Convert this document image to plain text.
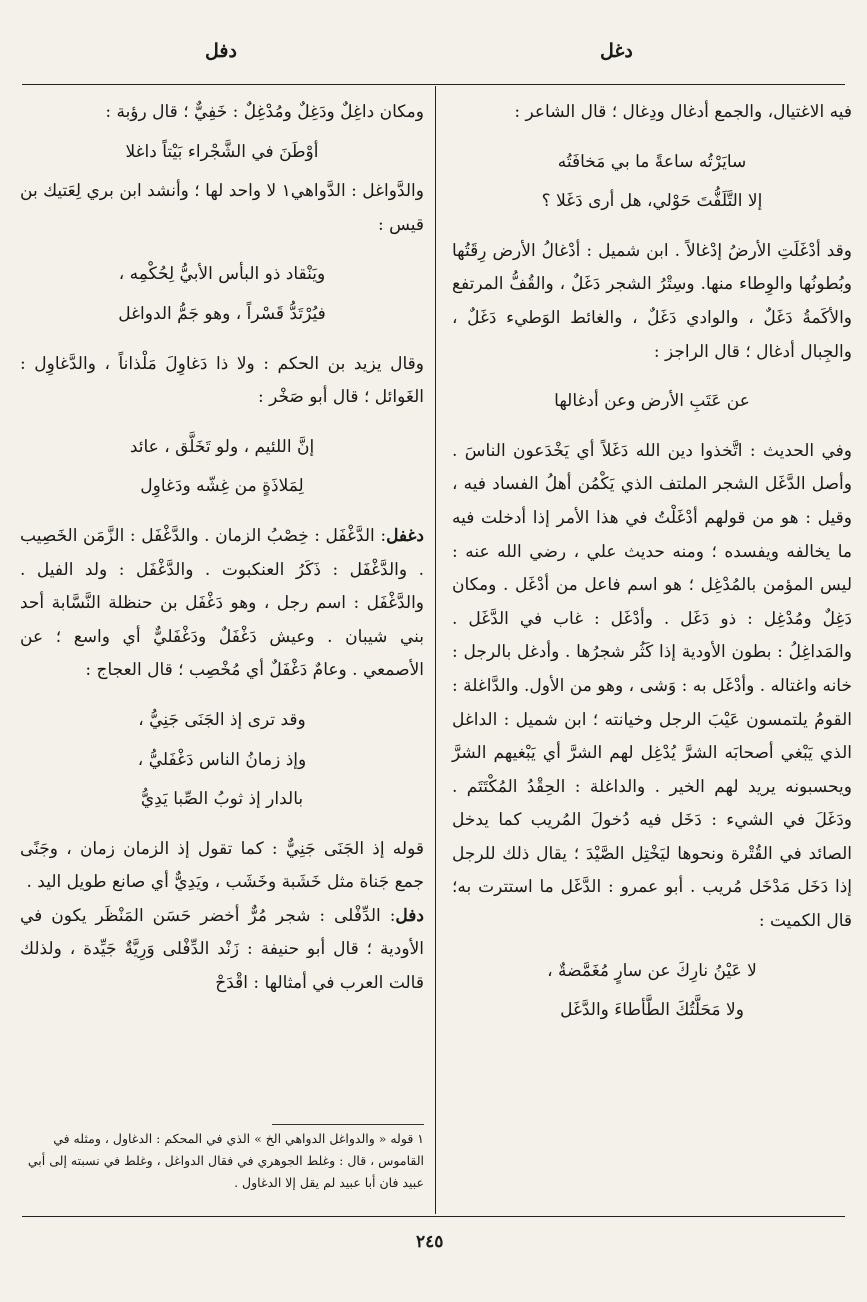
دغل
دفل

فيه الاغتيال، والجمع أدغال ودِغال ؛ قال الشاعر :

سايَرْتُه ساعةً ما بي مَخافَتُه

إلا التَّلَفُّتَ حَوْلي، هل أرى دَغَلا ؟

وقد أدْغَلَتِ الأرضُ إدْغالاً . ابن شميل : أدْغالُ الأرض رِقَتُها وبُطونُها والوِطاء منها. وسِتْرُ الشجر دَغَلٌ ، والقُفُّ المرتفع والأكَمةُ دَغَلٌ ، والوادي دَغَلٌ ، والغائط الوَطيء دَغَلٌ ، والجِبال أدغال ؛ قال الراجز :

عن عَتَبِ الأرض وعن أدغالها

وفي الحديث : اتَّخذوا دين الله دَغَلاً أي يَخْدَعون الناسَ . وأصل الدَّغَل الشجر الملتف الذي يَكْمُن أهلُ الفساد فيه ، وقيل : هو من قولهم أدْغَلْتُ في هذا الأمر إذا أدخلت فيه ما يخالفه ويفسده ؛ ومنه حديث علي ، رضي الله عنه : ليس المؤمن بالمُدْغِل ؛ هو اسم فاعل من أدْغَل . ومكان دَغِلٌ ومُدْغِل : ذو دَغَل . وأدْغَل : غاب في الدَّغَل . والمَداغِلُ : بطون الأودية إذا كَثُر شجرُها . وأدغل بالرجل : خانه واغتاله . وأدْغَل به : وَشى ، وهو من الأول. والدَّاغلة : القومُ يلتمسون عَيْبَ الرجل وخيانته ؛ ابن شميل : الداغل الذي يَبْغي أصحابَه الشرَّ يُدْغِل لهم الشرَّ أي يَبْغيهم الشرَّ ويحسبونه يريد لهم الخير . والداغلة : الحِقْدُ المُكْتَتَم . ودَغَلَ في الشيء : دَخَل فيه دُخولَ المُريب كما يدخل الصائد في القُتْرة ونحوها ليَخْتِل الصَّيْدَ ؛ يقال ذلك للرجل إذا دَخَل مَدْخَل مُريب . أبو عمرو : الدَّغَل ما استترت به؛ قال الكميت :

لا عَيْنُ نارِكَ عن سارٍ مُغَمَّضةٌ ،

ولا مَحَلَّتُكَ الطَّأطاءَ والدَّغَل

ومكان داغِلٌ ودَغِلٌ ومُدْغِلٌ : خَفِيٌّ ؛ قال رؤبة :

أوْطَنَ في الشَّجْراء بَيْتاً داغلا

والدَّواغل : الدَّواهي١ لا واحد لها ؛ وأنشد ابن بري لِعَتيك بن قيس :

ويَنْقاد ذو البأس الأبيُّ لِحُكْمِه ،

فيُرْتَدُّ قَسْراً ، وهو جَمُّ الدواغل

وقال يزيد بن الحكم : ولا ذا دَغاوِلَ مَلْذاناً ، والدَّغاوِل : الغَوائل ؛ قال أبو صَخْر :

إنَّ اللئيم ، ولو تَخَلَّق ، عائد

لِمَلاذَةٍ من غِشّه ودَغاوِل

دغفل: الدَّغْفَل : خِصْبُ الزمان . والدَّغْفَل : الزَّمَن الخَصِيب . والدَّغْفَل : ذَكَرُ العنكبوت . والدَّغْفَل : ولد الفيل . والدَّغْفَل : اسم رجل ، وهو دَغْفَل بن حنظلة النَّسَّابة أحد بني شيبان . وعيش دَغْفَلٌ ودَغْفَليٌّ أي واسع ؛ عن الأصمعي . وعامٌ دَغْفَلٌ أي مُخْصِب ؛ قال العجاج :

وقد ترى إذ الجَنَى جَنِيُّ ،

وإذ زمانُ الناس دَغْفَليُّ ،

بالدار إذ ثوبُ الصِّبا يَدِيُّ

قوله إذ الجَنَى جَنِيٌّ : كما تقول إذ الزمان زمان ، وجَنًى جمع جَناة مثل خَشَبة وخَشَب ، ويَدِيٌّ أي صانع طويل اليد .

دفل: الدِّفْلى : شجر مُرٌّ أخضر حَسَن المَنْظَر يكون في الأودية ؛ قال أبو حنيفة : زَنْد الدِّفْلى وَرِيَّةٌ جَيِّدة ، ولذلك قالت العرب في أمثالها : اقْدَحْ

١ قوله « والدواغل الدواهي الخ » الذي في المحكم : الدغاول ، ومثله في القاموس ، قال : وغلط الجوهري في فقال الدواغل ، وغلط في نسبته إلى أبي عبيد فان أبا عبيد لم يقل إلا الدغاول .

٢٤٥
